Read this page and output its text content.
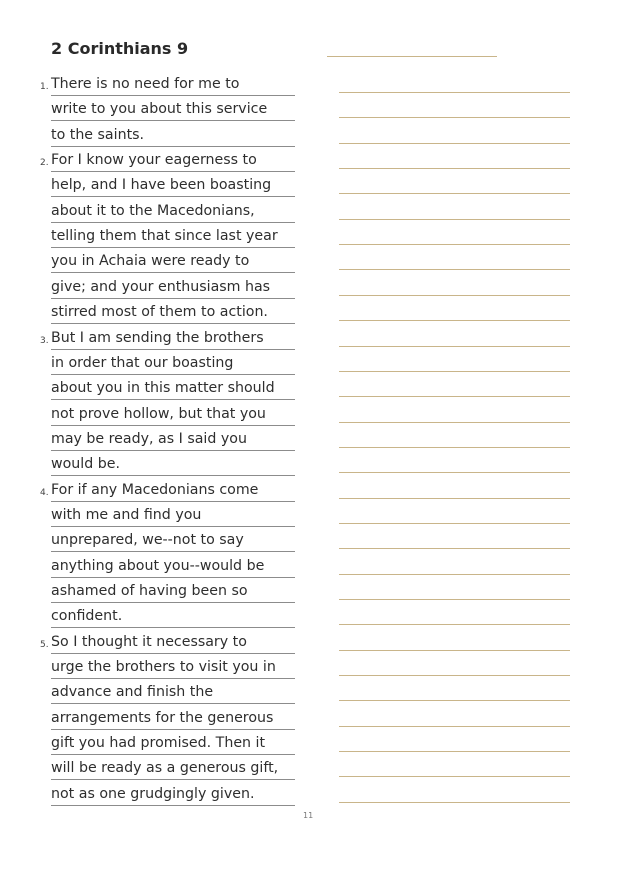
2 Corinthians 9
1. There is no need for me to
write to you about this service
to the saints.
2. For I know your eagerness to
help, and I have been boasting
about it to the Macedonians,
telling them that since last year
you in Achaia were ready to
give; and your enthusiasm has
stirred most of them to action.
3. But I am sending the brothers
in order that our boasting
about you in this matter should
not prove hollow, but that you
may be ready, as I said you
would be.
4. For if any Macedonians come
with me and find you
unprepared, we--not to say
anything about you--would be
ashamed of having been so
confident.
5. So I thought it necessary to
urge the brothers to visit you in
advance and finish the
arrangements for the generous
gift you had promised. Then it
will be ready as a generous gift,
not as one grudgingly given.
11
